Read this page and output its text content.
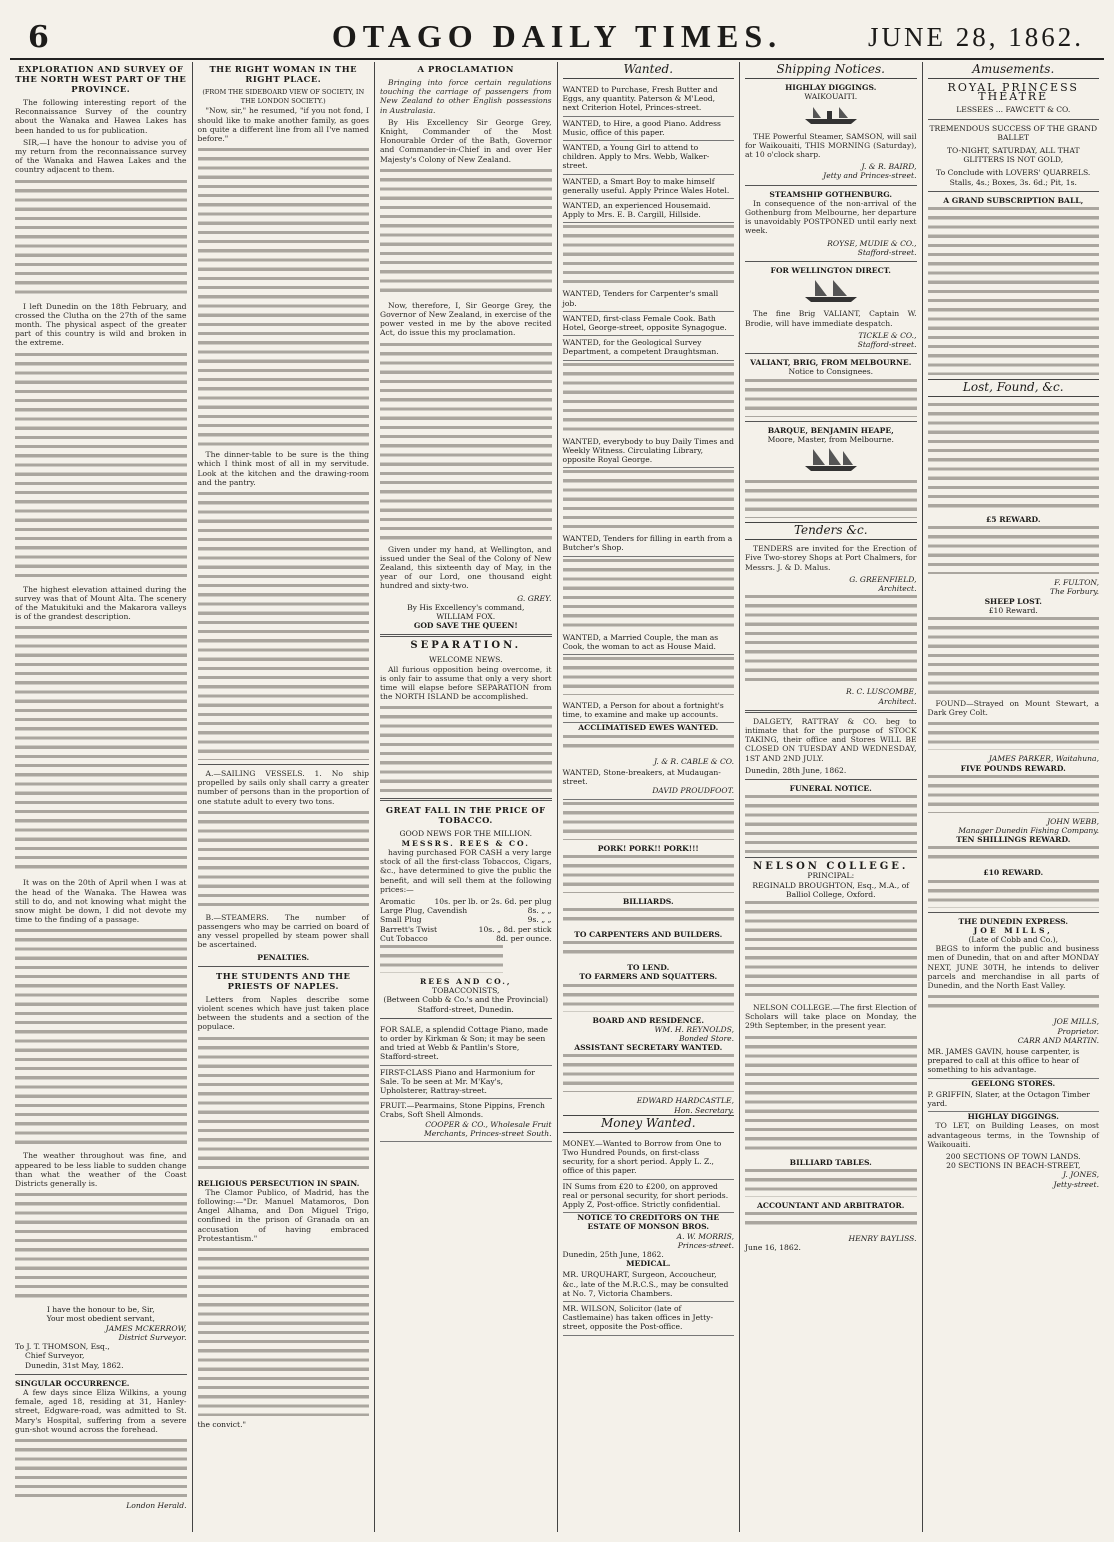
6	OTAGO DAILY TIMES.	JUNE 28, 1862.
EXPLORATION AND SURVEY OF THE NORTH WEST PART OF THE PROVINCE.
The following interesting report of the Reconnaissance Survey of the country about the Wanaka and Hawea Lakes has been handed to us for publication.
SIR,—I have the honour to advise you of my return from the reconnaissance survey of the Wanaka and Hawea Lakes and the country adjacent to them.
I left Dunedin on the 18th February, and crossed the Clutha on the 27th of the same month. The physical aspect of the greater part of this country is wild and broken in the extreme.
The highest elevation attained during the survey was that of Mount Alta. The scenery of the Matukituki and the Makarora valleys is of the grandest description.
It was on the 20th of April when I was at the head of the Wanaka. The Hawea was still to do, and not knowing what might the snow might be down, I did not devote my time to the finding of a passage.
The weather throughout was fine, and appeared to be less liable to sudden change than what the weather of the Coast Districts generally is.
I have the honour to be, Sir,
Your most obedient servant,
JAMES MCKERROW,
District Surveyor.
To J. T. THOMSON, Esq.,
Chief Surveyor,
Dunedin, 31st May, 1862.
SINGULAR OCCURRENCE.
A few days since Eliza Wilkins, a young female, aged 18, residing at 31, Hanley-street, Edgware-road, was admitted to St. Mary's Hospital, suffering from a severe gun-shot wound across the forehead.
London Herald.
THE RIGHT WOMAN IN THE RIGHT PLACE.
(FROM THE SIDEBOARD VIEW OF SOCIETY, IN THE LONDON SOCIETY.)
"Now, sir," he resumed, "if you not fond, I should like to make another family, as goes on quite a different line from all I've named before."
The dinner-table to be sure is the thing which I think most of all in my servitude. Look at the kitchen and the drawing-room and the pantry.
A.—SAILING VESSELS. 1. No ship propelled by sails only shall carry a greater number of persons than in the proportion of one statute adult to every two tons.
B.—STEAMERS. The number of passengers who may be carried on board of any vessel propelled by steam power shall be ascertained.
PENALTIES.
THE STUDENTS AND THE PRIESTS OF NAPLES.
Letters from Naples describe some violent scenes which have just taken place between the students and a section of the populace.
RELIGIOUS PERSECUTION IN SPAIN.
The Clamor Publico, of Madrid, has the following:—"Dr. Manuel Matamoros, Don Angel Alhama, and Don Miguel Trigo, confined in the prison of Granada on an accusation of having embraced Protestantism."
the convict."
A PROCLAMATION
Bringing into force certain regulations touching the carriage of passengers from New Zealand to other English possessions in Australasia.
By His Excellency Sir George Grey, Knight, Commander of the Most Honourable Order of the Bath, Governor and Commander-in-Chief in and over Her Majesty's Colony of New Zealand.
Now, therefore, I, Sir George Grey, the Governor of New Zealand, in exercise of the power vested in me by the above recited Act, do issue this my proclamation.
Given under my hand, at Wellington, and issued under the Seal of the Colony of New Zealand, this sixteenth day of May, in the year of our Lord, one thousand eight hundred and sixty-two.
G. GREY.
By His Excellency's command,
WILLIAM FOX.
GOD SAVE THE QUEEN!
SEPARATION.
WELCOME NEWS.
All furious opposition being overcome, it is only fair to assume that only a very short time will elapse before SEPARATION from the NORTH ISLAND be accomplished.
GREAT FALL IN THE PRICE OF TOBACCO.
GOOD NEWS FOR THE MILLION.
MESSRS. REES & CO.
having purchased FOR CASH a very large stock of all the first-class Tobaccos, Cigars, &c., have determined to give the public the benefit, and will sell them at the following prices:—
Aromatic	10s. per lb. or 2s. 6d. per plug
Large Plug, Cavendish	8s. „ „
Small Plug	9s. „ „
Barrett's Twist	10s. „ 8d. per stick
Cut Tobacco	8d. per ounce.
REES AND CO.,
TOBACCONISTS,
(Between Cobb & Co.'s and the Provincial) Stafford-street, Dunedin.
FOR SALE, a splendid Cottage Piano, made to order by Kirkman & Son; it may be seen and tried at Webb & Pantlin's Store, Stafford-street.
FIRST-CLASS Piano and Harmonium for Sale. To be seen at Mr. M'Kay's, Upholsterer, Rattray-street.
FRUIT.—Pearmains, Stone Pippins, French Crabs, Soft Shell Almonds.
COOPER & CO., Wholesale Fruit Merchants, Princes-street South.
Wanted.
WANTED to Purchase, Fresh Butter and Eggs, any quantity. Paterson & M'Leod, next Criterion Hotel, Princes-street.
WANTED, to Hire, a good Piano. Address Music, office of this paper.
WANTED, a Young Girl to attend to children. Apply to Mrs. Webb, Walker-street.
WANTED, a Smart Boy to make himself generally useful. Apply Prince Wales Hotel.
WANTED, an experienced Housemaid. Apply to Mrs. E. B. Cargill, Hillside.
WANTED, Tenders for Carpenter's small job.
WANTED, first-class Female Cook. Bath Hotel, George-street, opposite Synagogue.
WANTED, for the Geological Survey Department, a competent Draughtsman.
WANTED, everybody to buy Daily Times and Weekly Witness. Circulating Library, opposite Royal George.
WANTED, Tenders for filling in earth from a Butcher's Shop.
WANTED, a Married Couple, the man as Cook, the woman to act as House Maid.
WANTED, a Person for about a fortnight's time, to examine and make up accounts.
ACCLIMATISED EWES WANTED.
J. & R. CABLE & CO.
WANTED, Stone-breakers, at Mudaugan-street.
DAVID PROUDFOOT.
PORK! PORK!! PORK!!!
BILLIARDS.
TO CARPENTERS AND BUILDERS.
TO LEND.
TO FARMERS AND SQUATTERS.
BOARD AND RESIDENCE.
WM. H. REYNOLDS,
Bonded Store.
ASSISTANT SECRETARY WANTED.
EDWARD HARDCASTLE,
Hon. Secretary.
Money Wanted.
MONEY.—Wanted to Borrow from One to Two Hundred Pounds, on first-class security, for a short period. Apply L. Z., office of this paper.
IN Sums from £20 to £200, on approved real or personal security, for short periods. Apply Z, Post-office. Strictly confidential.
NOTICE TO CREDITORS ON THE ESTATE OF MONSON BROS.
A. W. MORRIS,
Princes-street.
Dunedin, 25th June, 1862.
MEDICAL.
MR. URQUHART, Surgeon, Accoucheur, &c., late of the M.R.C.S., may be consulted at No. 7, Victoria Chambers.
MR. WILSON, Solicitor (late of Castlemaine) has taken offices in Jetty-street, opposite the Post-office.
Shipping Notices.
HIGHLAY DIGGINGS.
WAIKOUAITI.
THE Powerful Steamer, SAMSON, will sail for Waikouaiti, THIS MORNING (Saturday), at 10 o'clock sharp.
J. & R. BAIRD,
Jetty and Princes-street.
STEAMSHIP GOTHENBURG.
In consequence of the non-arrival of the Gothenburg from Melbourne, her departure is unavoidably POSTPONED until early next week.
ROYSE, MUDIE & CO.,
Stafford-street.
FOR WELLINGTON DIRECT.
The fine Brig VALIANT, Captain W. Brodie, will have immediate despatch.
TICKLE & CO.,
Stafford-street.
VALIANT, BRIG, FROM MELBOURNE.
Notice to Consignees.
BARQUE, BENJAMIN HEAPE,
Moore, Master, from Melbourne.
Tenders &c.
TENDERS are invited for the Erection of Five Two-storey Shops at Port Chalmers, for Messrs. J. & D. Malus.
G. GREENFIELD,
Architect.
R. C. LUSCOMBE,
Architect.
DALGETY, RATTRAY & CO. beg to intimate that for the purpose of STOCK TAKING, their office and Stores WILL BE CLOSED ON TUESDAY AND WEDNESDAY, 1ST AND 2ND JULY.
Dunedin, 28th June, 1862.
FUNERAL NOTICE.
NELSON COLLEGE.
PRINCIPAL:
REGINALD BROUGHTON, Esq., M.A., of Balliol College, Oxford.
NELSON COLLEGE.—The first Election of Scholars will take place on Monday, the 29th September, in the present year.
BILLIARD TABLES.
ACCOUNTANT AND ARBITRATOR.
HENRY BAYLISS.
June 16, 1862.
Amusements.
ROYAL PRINCESS THEATRE
LESSEES ... FAWCETT & CO.
TREMENDOUS SUCCESS OF THE GRAND BALLET
TO-NIGHT, SATURDAY, ALL THAT GLITTERS IS NOT GOLD,
To Conclude with LOVERS' QUARRELS.
Stalls, 4s.; Boxes, 3s. 6d.; Pit, 1s.
A GRAND SUBSCRIPTION BALL,
Lost, Found, &c.
£5 REWARD.
F. FULTON,
The Forbury.
SHEEP LOST.
£10 Reward.
FOUND—Strayed on Mount Stewart, a Dark Grey Colt.
JAMES PARKER, Waitahuna,
FIVE POUNDS REWARD.
JOHN WEBB,
Manager Dunedin Fishing Company.
TEN SHILLINGS REWARD.
£10 REWARD.
THE DUNEDIN EXPRESS.
JOE MILLS,
(Late of Cobb and Co.),
BEGS to inform the public and business men of Dunedin, that on and after MONDAY NEXT, JUNE 30TH, he intends to deliver parcels and merchandise in all parts of Dunedin, and the North East Valley.
JOE MILLS,
Proprietor.
CARR AND MARTIN.
MR. JAMES GAVIN, house carpenter, is prepared to call at this office to hear of something to his advantage.
GEELONG STORES.
P. GRIFFIN, Slater, at the Octagon Timber yard.
HIGHLAY DIGGINGS.
TO LET, on Building Leases, on most advantageous terms, in the Township of Waikouaiti.
200 SECTIONS OF TOWN LANDS.
20 SECTIONS IN BEACH-STREET,
J. JONES,
Jetty-street.
